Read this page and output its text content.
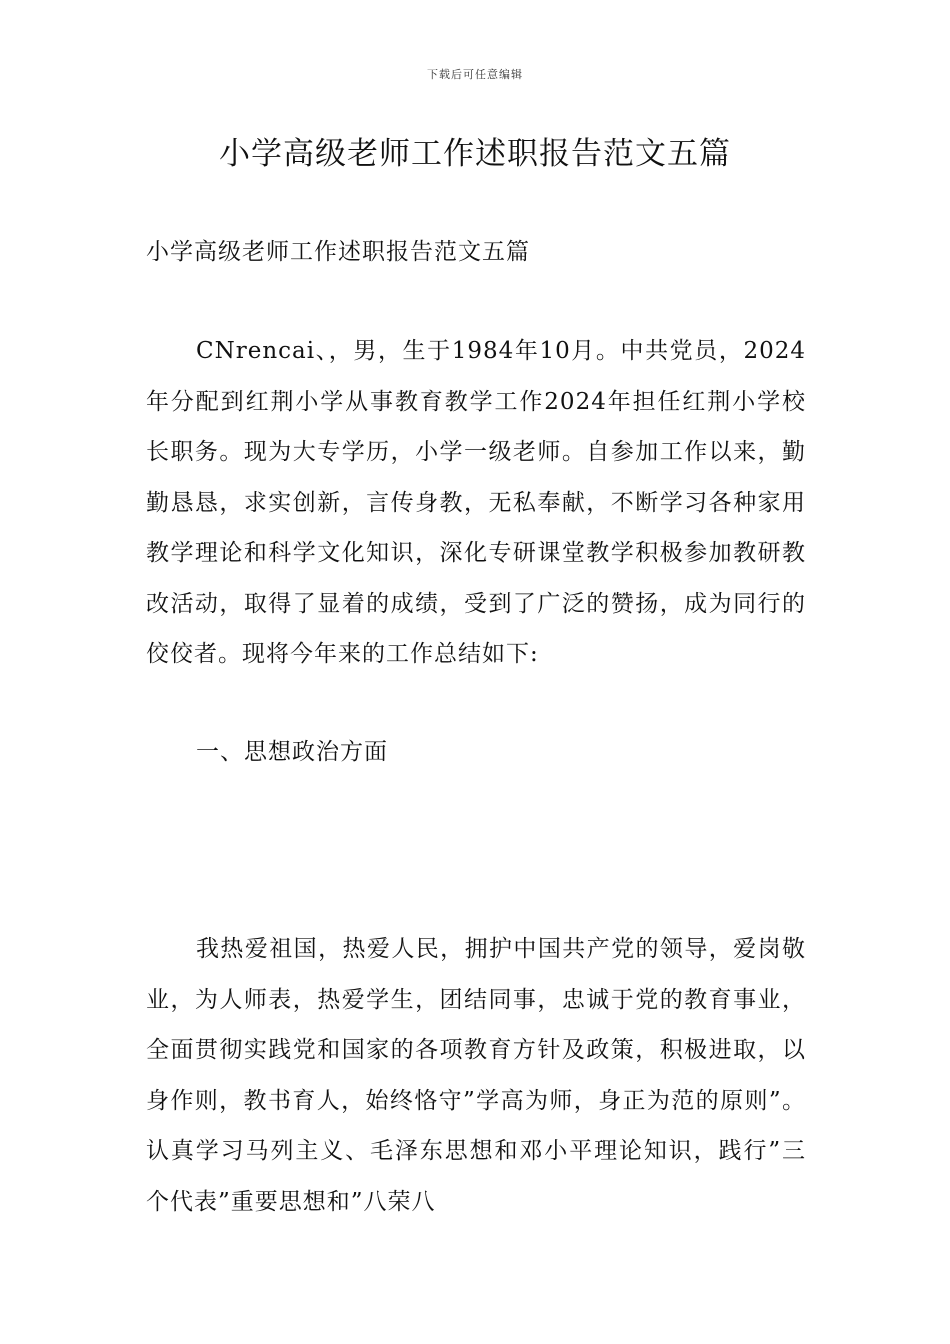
下载后可任意编辑
小学高级老师工作述职报告范文五篇
小学高级老师工作述职报告范文五篇

CNrencai、，男，生于1984年10月。中共党员，2024年分配到红荆小学从事教育教学工作2024年担任红荆小学校长职务。现为大专学历，小学一级老师。自参加工作以来，勤勤恳恳，求实创新，言传身教，无私奉献，不断学习各种家用教学理论和科学文化知识，深化专研课堂教学积极参加教研教改活动，取得了显着的成绩，受到了广泛的赞扬，成为同行的佼佼者。现将今年来的工作总结如下:

一、思想政治方面

我热爱祖国，热爱人民，拥护中国共产党的领导，爱岗敬业，为人师表，热爱学生，团结同事，忠诚于党的教育事业，全面贯彻实践党和国家的各项教育方针及政策，积极进取，以身作则，教书育人，始终恪守”学高为师，身正为范的原则”。认真学习马列主义、毛泽东思想和邓小平理论知识，践行”三个代表”重要思想和”八荣八
